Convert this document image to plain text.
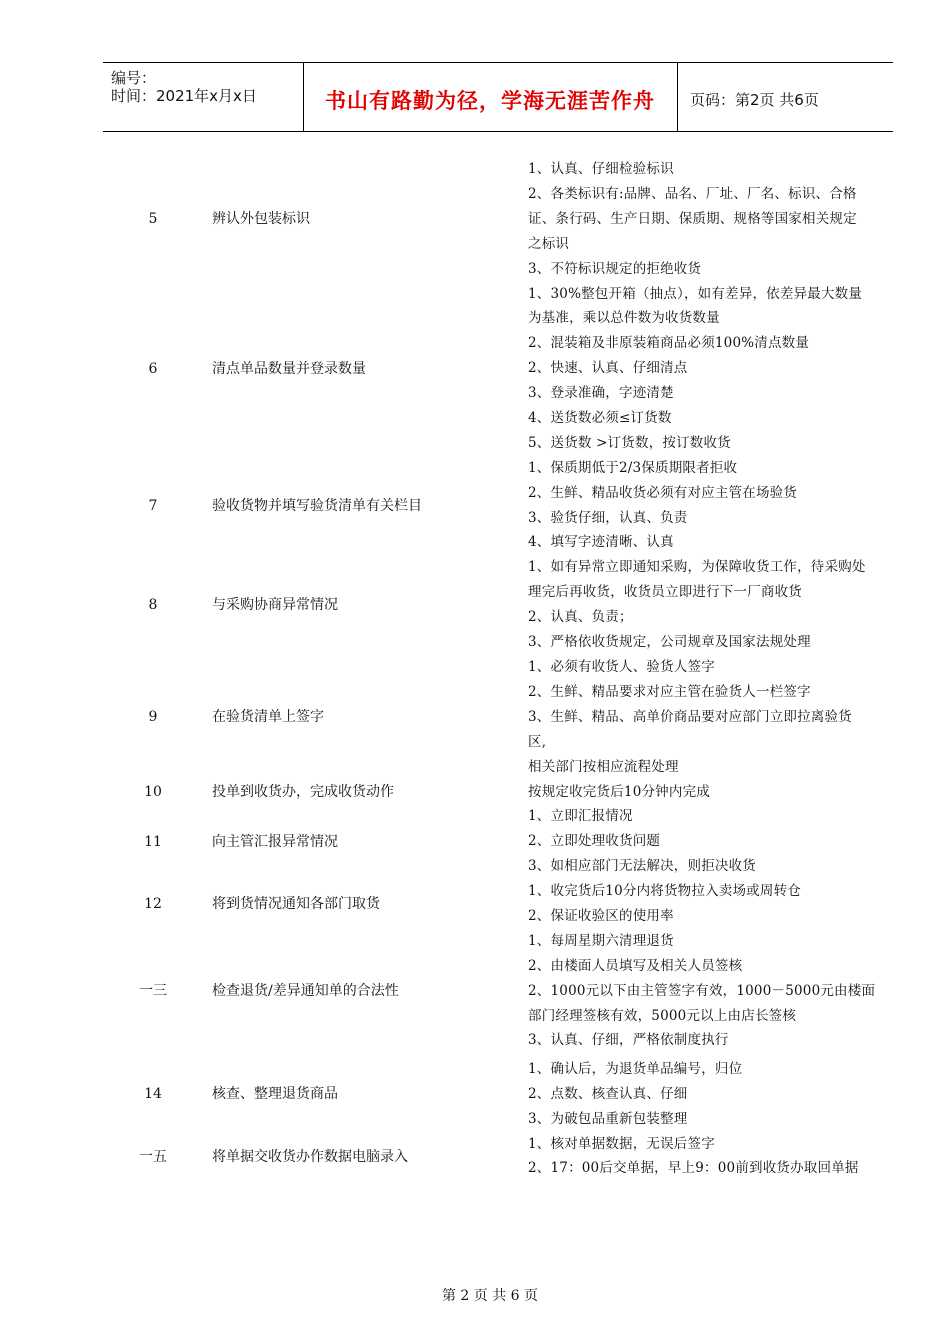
编号：
时间：2021年x月x日	书山有路勤为径，学海无涯苦作舟	页码：第2页 共6页
5	辨认外包装标识
1、认真、仔细检验标识
2、各类标识有:品牌、品名、厂址、厂名、标识、合格
证、条行码、生产日期、保质期、规格等国家相关规定
之标识
3、不符标识规定的拒绝收货
6	清点单品数量并登录数量
1、30%整包开箱（抽点），如有差异，依差异最大数量
为基准，乘以总件数为收货数量
2、混装箱及非原装箱商品必须100%清点数量
2、快速、认真、仔细清点
3、登录准确，字迹清楚
4、送货数必须≤订货数
5、送货数 >订货数，按订数收货
7	验收货物并填写验货清单有关栏目
1、保质期低于2/3保质期限者拒收
2、生鲜、精品收货必须有对应主管在场验货
3、验货仔细，认真、负责
4、填写字迹清晰、认真
8	与采购协商异常情况
1、如有异常立即通知采购，为保障收货工作，待采购处
理完后再收货，收货员立即进行下一厂商收货
2、认真、负责；
3、严格依收货规定，公司规章及国家法规处理
9	在验货清单上签字
1、必须有收货人、验货人签字
2、生鲜、精品要求对应主管在验货人一栏签字
3、生鲜、精品、高单价商品要对应部门立即拉离验货
区,
相关部门按相应流程处理
10	投单到收货办，完成收货动作	按规定收完货后10分钟内完成
11	向主管汇报异常情况
1、立即汇报情况
2、立即处理收货问题
3、如相应部门无法解决，则拒决收货
12	将到货情况通知各部门取货
1、收完货后10分内将货物拉入卖场或周转仓
2、保证收验区的使用率
一三	检查退货/差异通知单的合法性
1、每周星期六清理退货
2、由楼面人员填写及相关人员签核
2、1000元以下由主管签字有效，1000－5000元由楼面
部门经理签核有效，5000元以上由店长签核
3、认真、仔细，严格依制度执行
14	核查、整理退货商品
1、确认后，为退货单品编号，归位
2、点数、核查认真、仔细
3、为破包品重新包装整理
一五	将单据交收货办作数据电脑录入
1、核对单据数据，无误后签字
2、17：00后交单据，早上9：00前到收货办取回单据
第 2 页 共 6 页
